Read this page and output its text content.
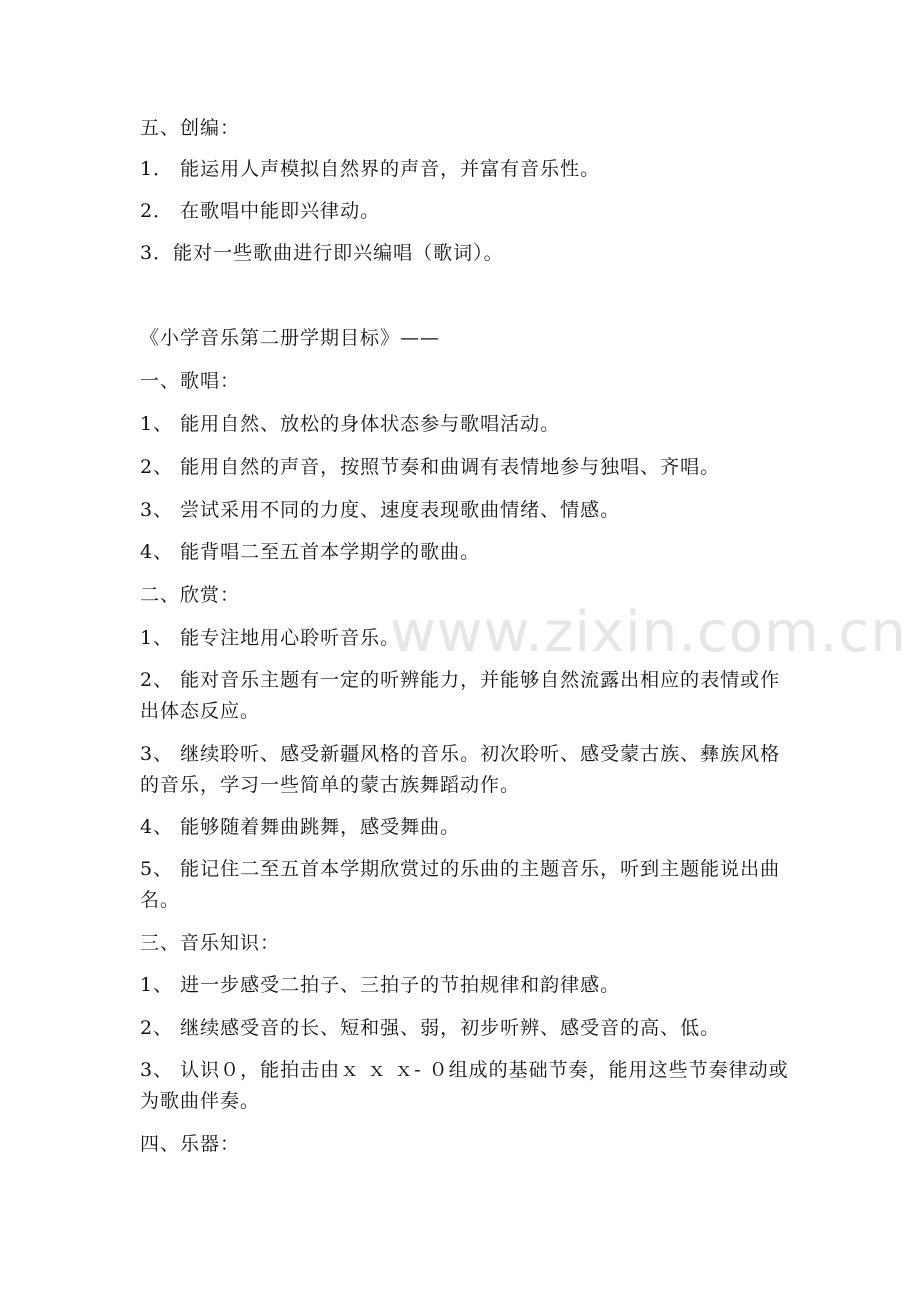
www.zixin.com.cn

五、创编：

1． 能运用人声模拟自然界的声音，并富有音乐性。

2． 在歌唱中能即兴律动。

3．能对一些歌曲进行即兴编唱（歌词）。

《小学音乐第二册学期目标》——

一、歌唱：

1、 能用自然、放松的身体状态参与歌唱活动。

2、 能用自然的声音，按照节奏和曲调有表情地参与独唱、齐唱。

3、 尝试采用不同的力度、速度表现歌曲情绪、情感。

4、 能背唱二至五首本学期学的歌曲。

二、欣赏：

1、 能专注地用心聆听音乐。

2、 能对音乐主题有一定的听辨能力，并能够自然流露出相应的表情或作出体态反应。

3、 继续聆听、感受新疆风格的音乐。初次聆听、感受蒙古族、彝族风格的音乐，学习一些简单的蒙古族舞蹈动作。

4、 能够随着舞曲跳舞，感受舞曲。

5、 能记住二至五首本学期欣赏过的乐曲的主题音乐，听到主题能说出曲名。

三、音乐知识：

1、 进一步感受二拍子、三拍子的节拍规律和韵律感。

2、 继续感受音的长、短和强、弱，初步听辨、感受音的高、低。

3、 认识０，能拍击由ｘ ｘ ｘ- ０组成的基础节奏，能用这些节奏律动或为歌曲伴奏。

四、乐器：
